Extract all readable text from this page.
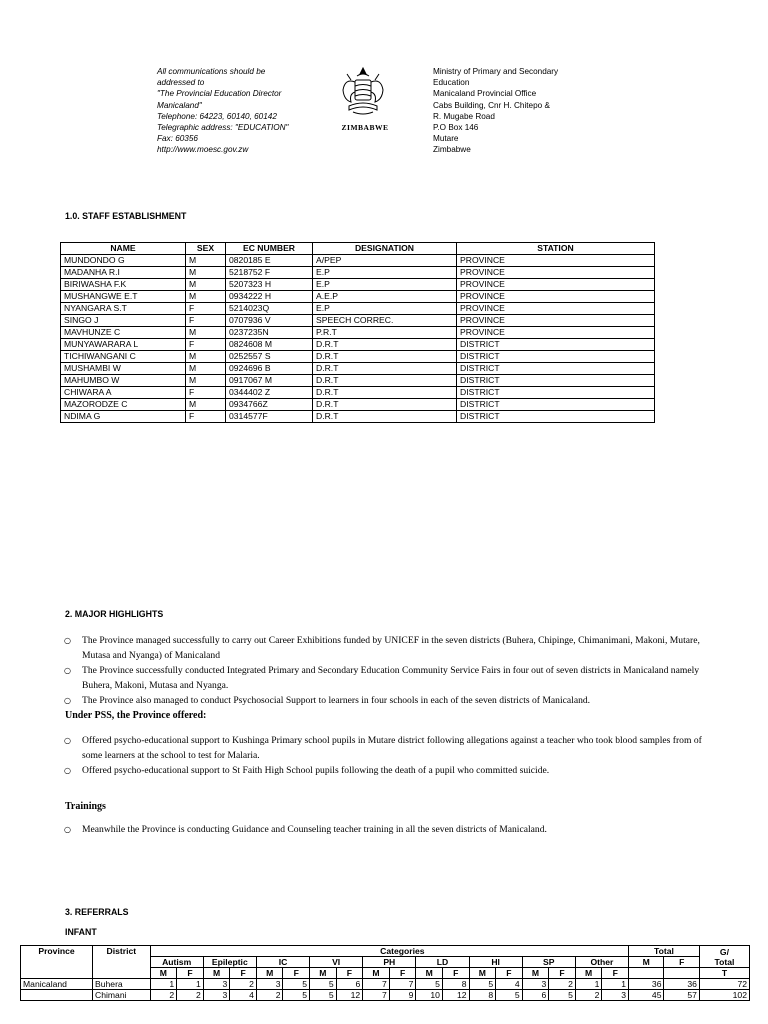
All communications should be
addressed to
"The Provincial Education Director
Manicaland"
Telephone: 64223, 60140, 60142
Telegraphic address: "EDUCATION"
Fax: 60356
http://www.moesc.gov.zw
ZIMBABWE
Ministry of Primary and Secondary
Education
Manicaland Provincial Office
Cabs Building, Cnr H. Chitepo &
R. Mugabe Road
P.O Box 146
Mutare
Zimbabwe
1.0. STAFF ESTABLISHMENT
NAME	SEX	EC NUMBER	DESIGNATION	STATION
MUNDONDO G	M	0820185 E	A/PEP	PROVINCE
MADANHA R.I	M	5218752 F	E.P	PROVINCE
BIRIWASHA F.K	M	5207323 H	E.P	PROVINCE
MUSHANGWE E.T	M	0934222 H	A.E.P	PROVINCE
NYANGARA S.T	F	5214023Q	E.P	PROVINCE
SINGO J	F	0707936 V	SPEECH CORREC.	PROVINCE
MAVHUNZE C	M	0237235N	P.R.T	PROVINCE
MUNYAWARARA L	F	0824608 M	D.R.T	DISTRICT
TICHIWANGANI C	M	0252557 S	D.R.T	DISTRICT
MUSHAMBI W	M	0924696 B	D.R.T	DISTRICT
MAHUMBO W	M	0917067 M	D.R.T	DISTRICT
CHIWARA A	F	0344402 Z	D.R.T	DISTRICT
MAZORODZE C	M	0934766Z	D.R.T	DISTRICT
NDIMA G	F	0314577F	D.R.T	DISTRICT
2. MAJOR HIGHLIGHTS
○ The Province managed successfully to carry out Career Exhibitions funded by UNICEF in the seven districts (Buhera, Chipinge, Chimanimani, Makoni, Mutare, Mutasa and Nyanga) of Manicaland
○ The Province successfully conducted Integrated Primary and Secondary Education Community Service Fairs in four out of seven districts in Manicaland namely Buhera, Makoni, Mutasa and Nyanga.
○ The Province also managed to conduct Psychosocial Support to learners in four schools in each of the seven districts of Manicaland.
Under PSS, the Province offered:
○ Offered psycho-educational support to Kushinga Primary school pupils in Mutare district following allegations against a teacher who took blood samples from of some learners at the school to test for Malaria.
○ Offered psycho-educational support to St Faith High School pupils following the death of a pupil who committed suicide.
Trainings
○ Meanwhile the Province is conducting Guidance and Counseling teacher training in all the seven districts of Manicaland.
3. REFERRALS
INFANT
Province	District		Categories																	Total		G/
Total
		Autism		Epileptic		IC		VI		PH		LD		HI		SP		Other		M	F	
		M	F	M	F	M	F	M	F	M	F	M	F	M	F	M	F	M	F			T
Manicaland	Buhera	1	1	3	2	3	5	5	6	7	7	5	8	5	4	3	2	1	1	36	36	72
	Chimani	2	2	3	4	2	5	5	12	7	9	10	12	8	5	6	5	2	3	45	57	102
